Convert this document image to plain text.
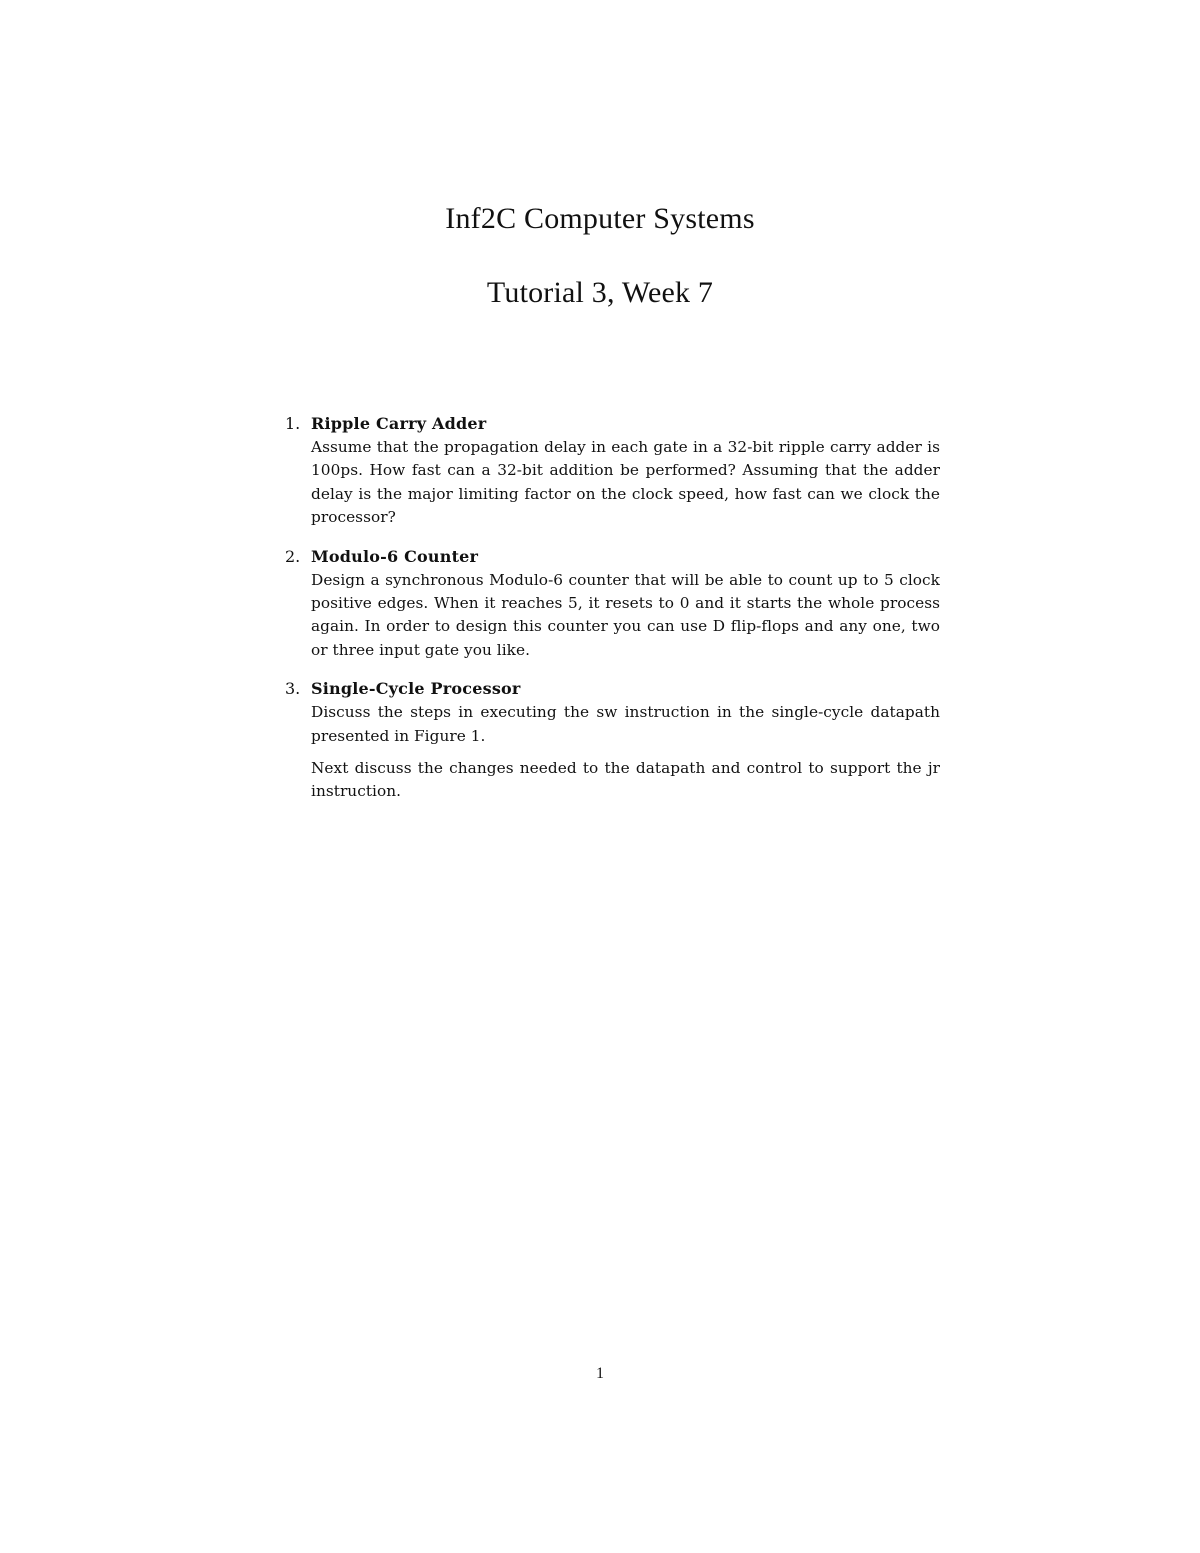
Inf2C Computer Systems
Tutorial 3, Week 7
1. Ripple Carry Adder

Assume that the propagation delay in each gate in a 32-bit ripple carry adder is 100ps. How fast can a 32-bit addition be performed? Assuming that the adder delay is the major limiting factor on the clock speed, how fast can we clock the processor?

2. Modulo-6 Counter

Design a synchronous Modulo-6 counter that will be able to count up to 5 clock positive edges. When it reaches 5, it resets to 0 and it starts the whole process again. In order to design this counter you can use D flip-flops and any one, two or three input gate you like.

3. Single-Cycle Processor

Discuss the steps in executing the sw instruction in the single-cycle datapath presented in Figure 1.

Next discuss the changes needed to the datapath and control to support the jr instruction.

1
